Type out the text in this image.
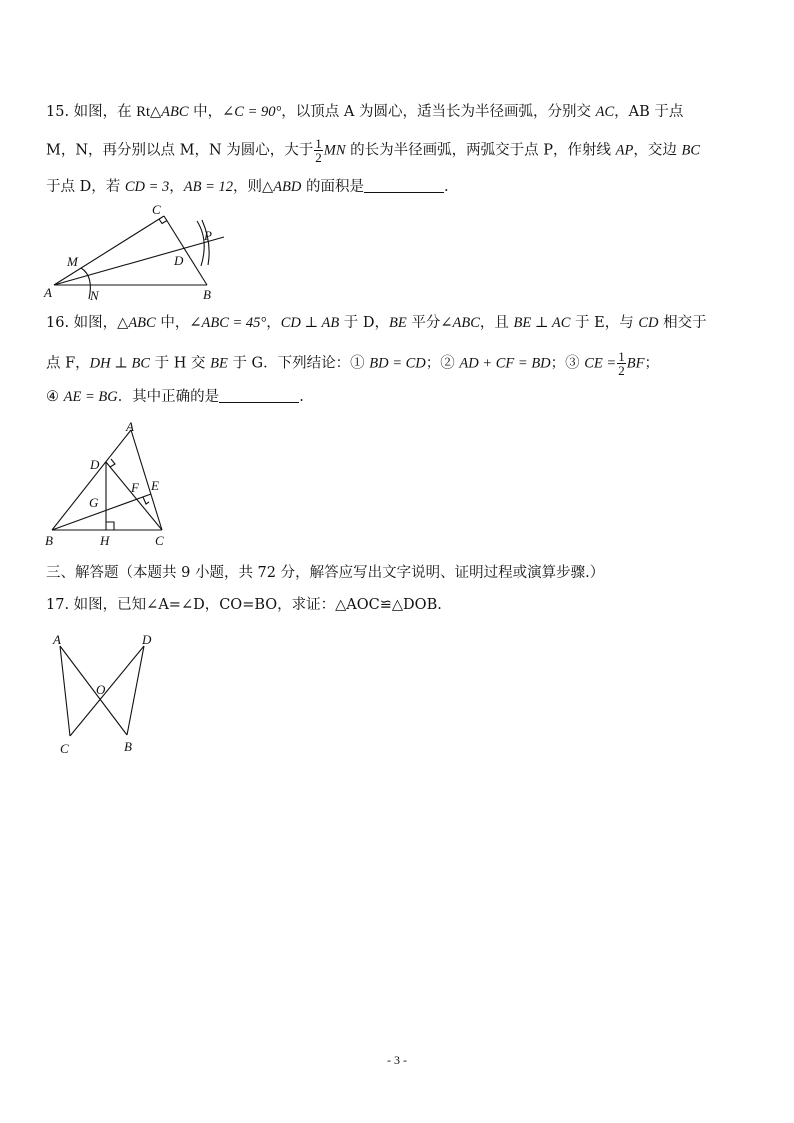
15. 如图，在 Rt△ABC 中，∠C = 90°，以顶点 A 为圆心，适当长为半径画弧，分别交 AC，AB 于点
M，N，再分别以点 M，N 为圆心，大于 $\frac{1}{2}$ MN 的长为半径画弧，两弧交于点 P，作射线 AP，交边 BC
于点 D，若 CD = 3，AB = 12，则△ABD 的面积是	.
C
P
M	D
A	N	B
16. 如图，△ABC 中，∠ABC = 45°，CD ⊥ AB 于 D，BE 平分∠ABC，且 BE ⊥ AC 于 E，与 CD 相交于
点 F，DH ⊥ BC 于 H 交 BE 于 G．下列结论：① BD = CD；② AD + CF = BD；③ CE = $\frac{1}{2}$ BF；
④ AE = BG．其中正确的是	.
A
D
F E
G
B	H	C
三、解答题（本题共 9 小题，共 72 分，解答应写出文字说明、证明过程或演算步骤.）
17. 如图，已知∠A=∠D，CO=BO，求证：△AOC≌△DOB.
A	D
O
C	B
- 3 -
